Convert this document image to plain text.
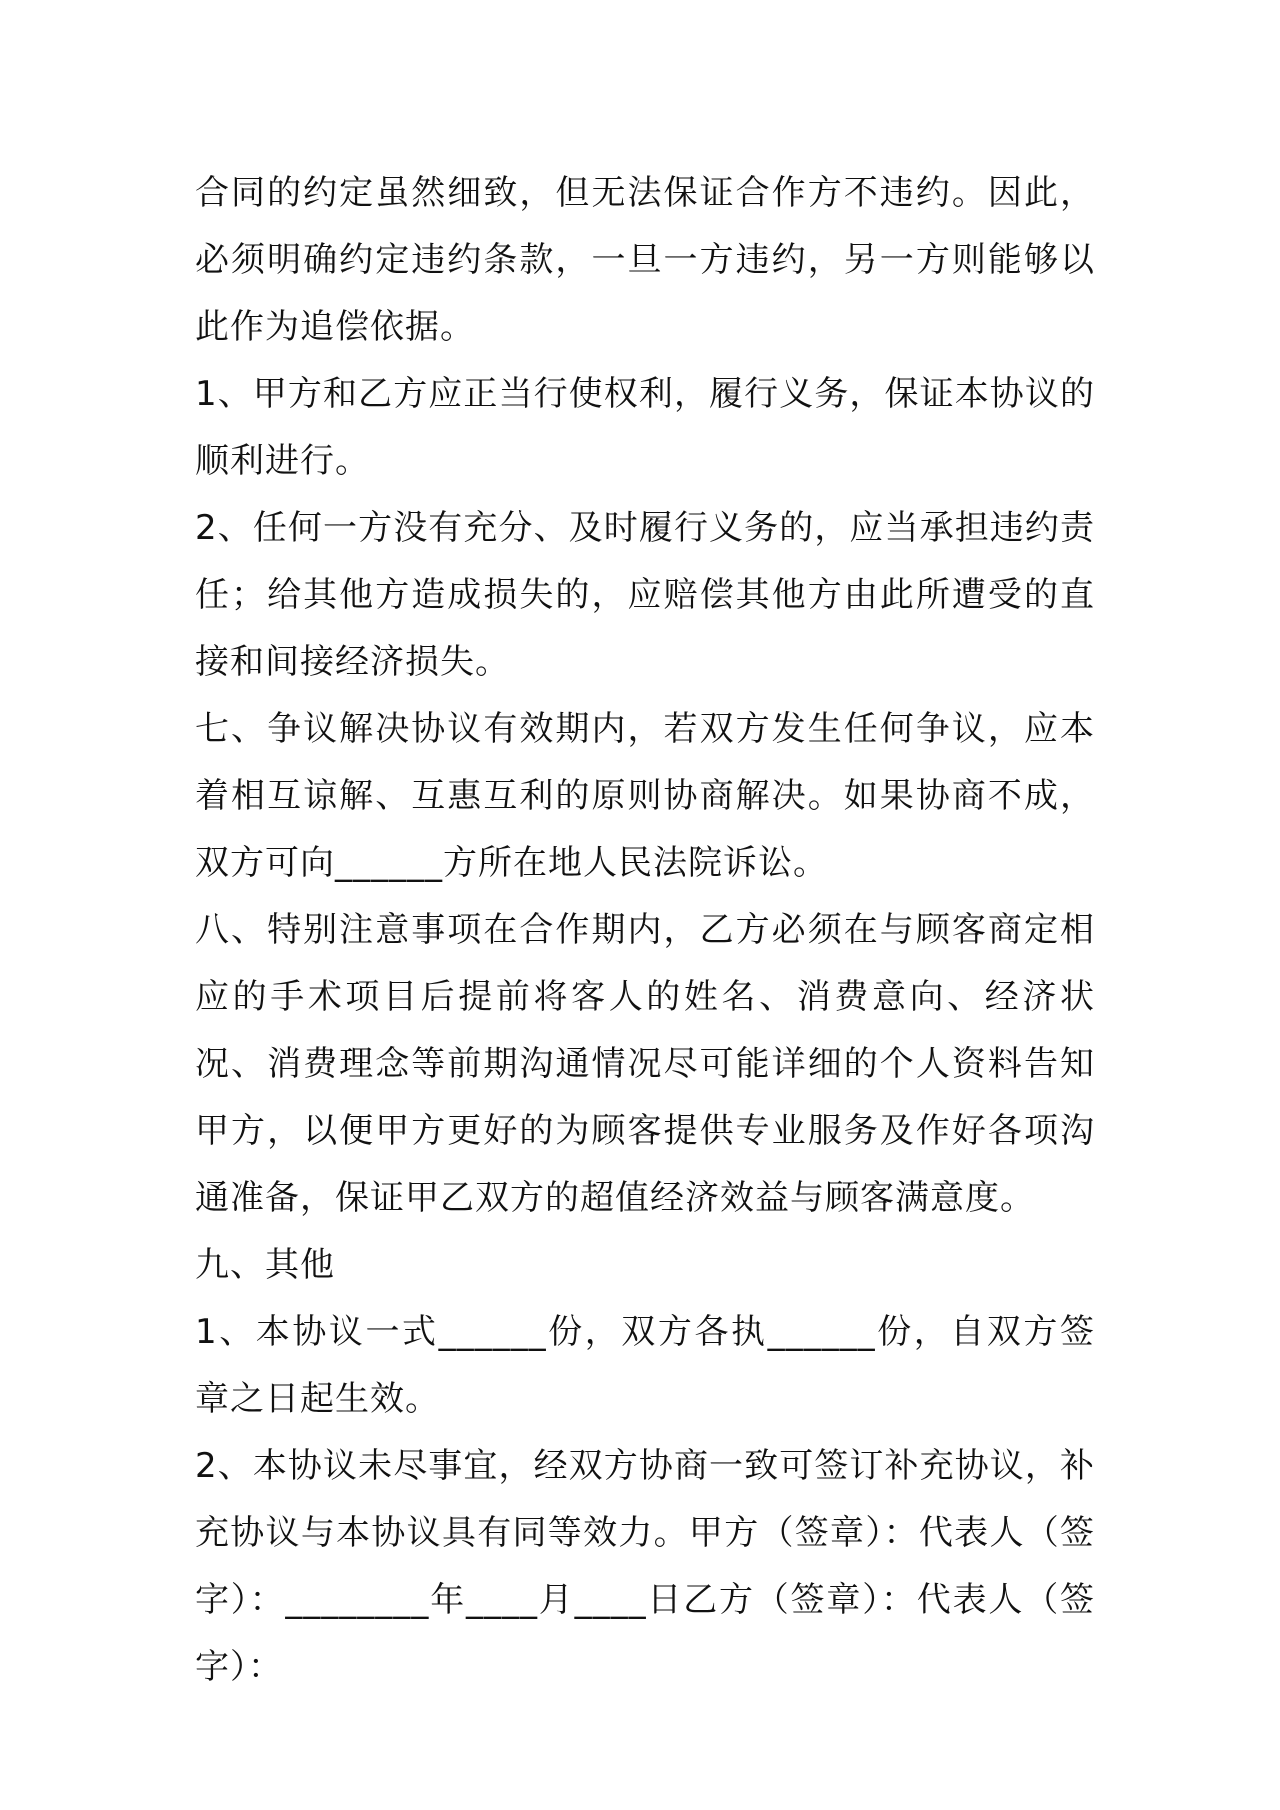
合同的约定虽然细致，但无法保证合作方不违约。因此，必须明确约定违约条款，一旦一方违约，另一方则能够以此作为追偿依据。

1、甲方和乙方应正当行使权利，履行义务，保证本协议的顺利进行。

2、任何一方没有充分、及时履行义务的，应当承担违约责任；给其他方造成损失的，应赔偿其他方由此所遭受的直接和间接经济损失。

七、争议解决协议有效期内，若双方发生任何争议，应本着相互谅解、互惠互利的原则协商解决。如果协商不成，双方可向______方所在地人民法院诉讼。

八、特别注意事项在合作期内，乙方必须在与顾客商定相应的手术项目后提前将客人的姓名、消费意向、经济状况、消费理念等前期沟通情况尽可能详细的个人资料告知甲方，以便甲方更好的为顾客提供专业服务及作好各项沟通准备，保证甲乙双方的超值经济效益与顾客满意度。

九、其他

1、本协议一式______份，双方各执______份，自双方签章之日起生效。

2、本协议未尽事宜，经双方协商一致可签订补充协议，补充协议与本协议具有同等效力。甲方（签章）：代表人（签字）：________年____月____日乙方（签章）：代表人（签字）：
